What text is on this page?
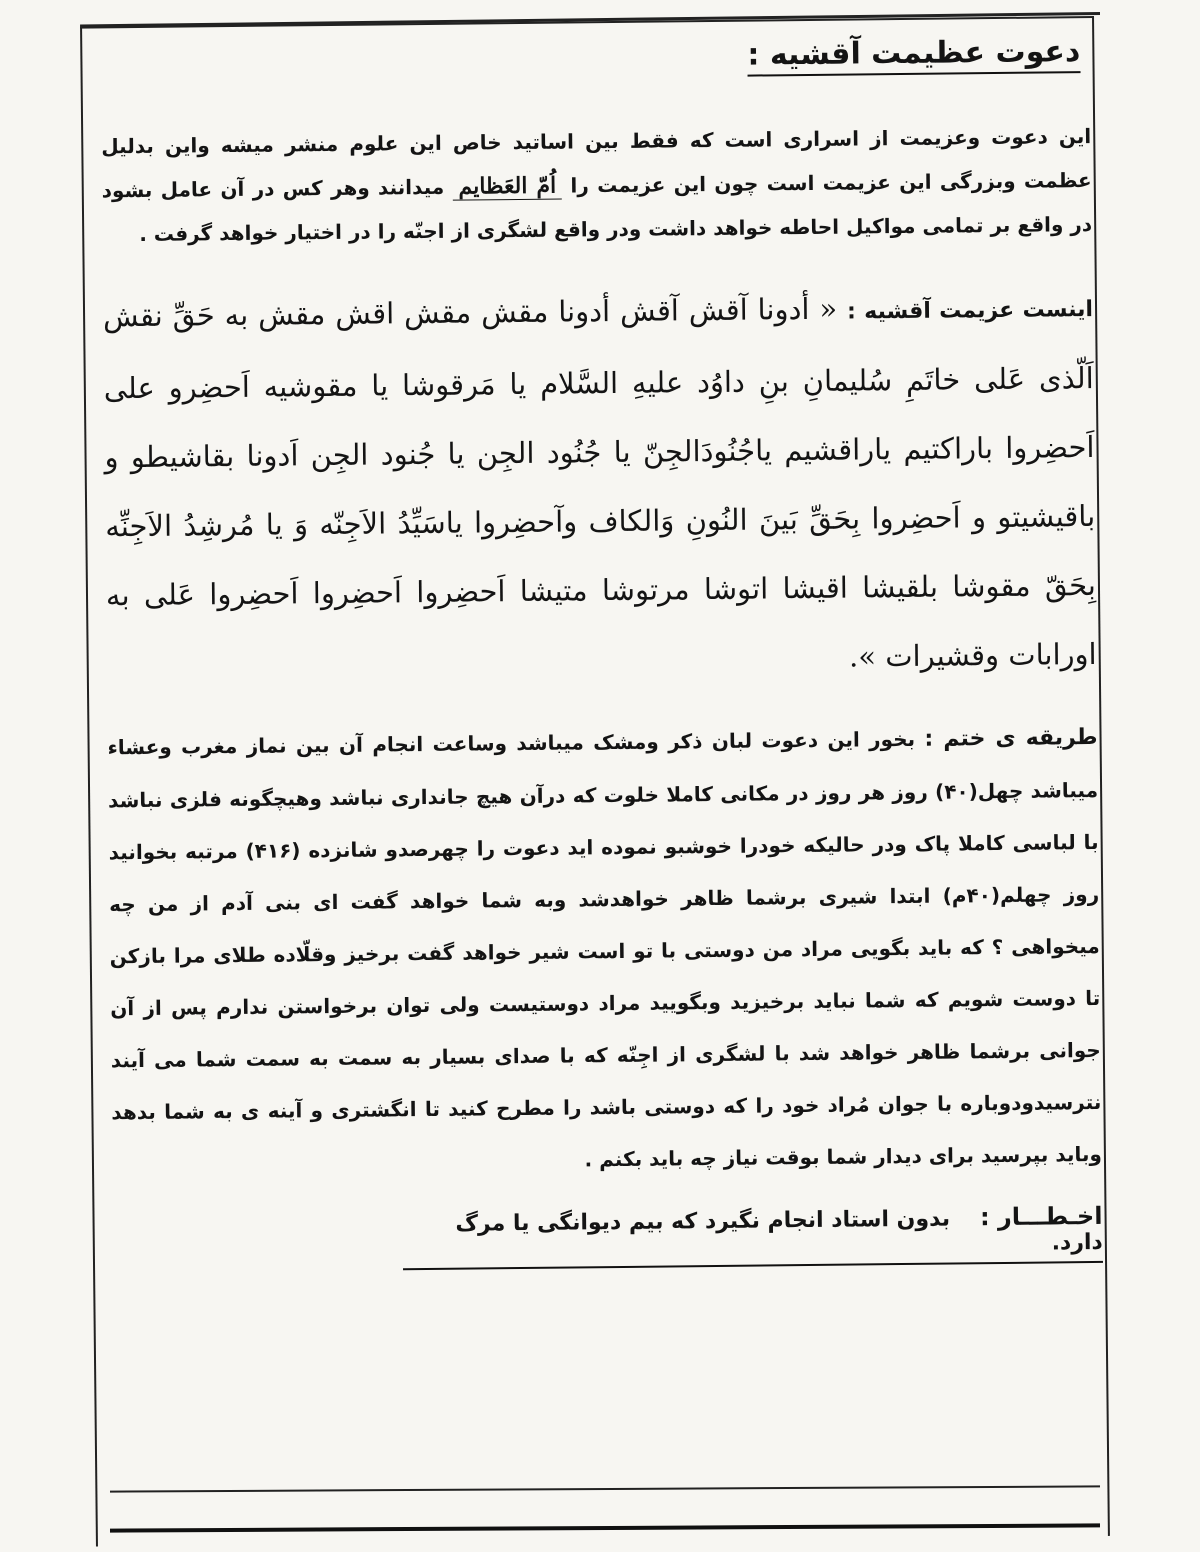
دعوت عظیمت آقشیه :
این دعوت وعزیمت از اسراری است که فقط بین اساتید خاص این علوم منشر میشه واین بدلیل عظمت وبزرگی این عزیمت است چون این عزیمت را اُمّ العَظایم میدانند وهر کس در آن عامل بشود در واقع بر تمامی مواکیل احاطه خواهد داشت ودر واقع لشگری از اجنّه را در اختیار خواهد گرفت .
اینست عزیمت آقشیه : « أدونا آقش آقش أدونا مقش مقش اقش مقش به حَقِّ نقش اَلّذی عَلی خاتَمِ سُلیمانِ بنِ داوُد علیهِ السَّلام یا مَرقوشا یا مقوشیه اَحضِرو علی اَحضِروا باراکتیم یاراقشیم یاجُنُودَالجِنّ یا جُنُود الجِن یا جُنود الجِن اَدونا بقاشیطو و باقیشیتو و اَحضِروا بِحَقِّ بَینَ النُونِ وَالکاف وآحضِروا یاسَیِّدُ الاَجِنّه وَ یا مُرشِدُ الاَجِنِّه بِحَقّ مقوشا بلقیشا اقیشا اتوشا مرتوشا متیشا اَحضِروا اَحضِروا اَحضِروا عَلی به اورابات وقشیرات ».
طریقه ی ختم : بخور این دعوت لبان ذکر ومشک میباشد وساعت انجام آن بین نماز مغرب وعشاء میباشد چهل(۴۰) روز هر روز در مکانی کاملا خلوت که درآن هیچ جانداری نباشد وهیچگونه فلزی نباشد با لباسی کاملا پاک ودر حالیکه خودرا خوشبو نموده اید دعوت را چهرصدو شانزده (۴۱۶) مرتبه بخوانید روز چهلم(۴۰م) ابتدا شیری برشما ظاهر خواهدشد وبه شما خواهد گفت ای بنی آدم از من چه میخواهی ؟ که باید بگویی مراد من دوستی با تو است شیر خواهد گفت برخیز وقلّاده طلای مرا بازکن تا دوست شویم که شما نباید برخیزید وبگویید مراد دوستیست ولی توان برخواستن ندارم پس از آن جوانی برشما ظاهر خواهد شد با لشگری از اجِنّه که با صدای بسیار به سمت به سمت شما می آیند نترسیدودوباره با جوان مُراد خود را که دوستی باشد را مطرح کنید تا انگشتری و آینه ی به شما بدهد وباید بپرسید برای دیدار شما بوقت نیاز چه باید بکنم .
اخـطـــار :بدون استاد انجام نگیرد که بیم دیوانگی یا مرگ دارد.
